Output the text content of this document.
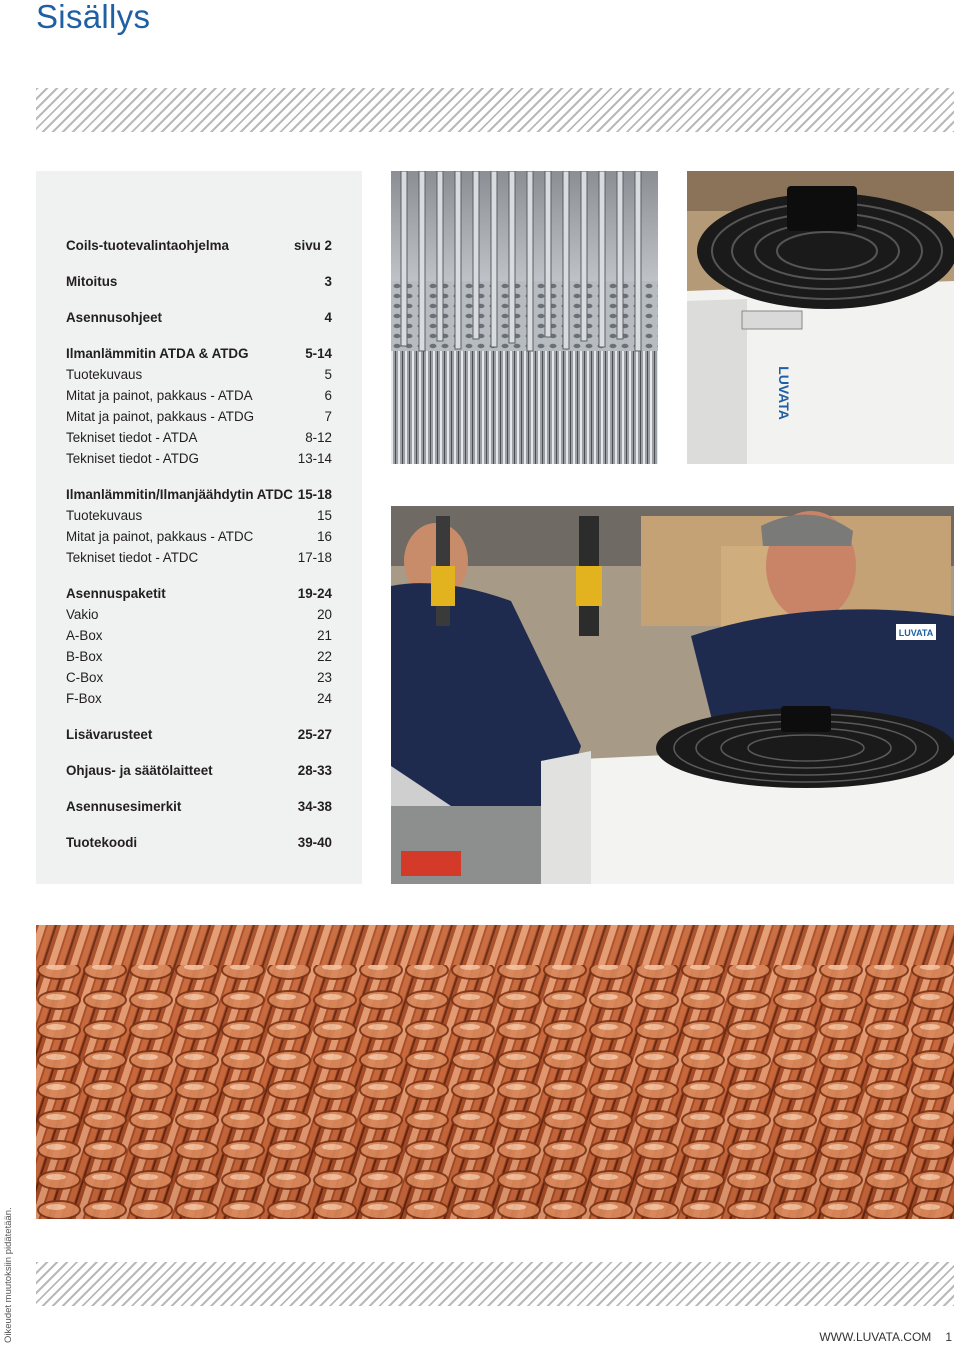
Sisällys
Coils-tuotevalintaohjelma	sivu 2
Mitoitus	3
Asennusohjeet	4
Ilmanlämmitin ATDA & ATDG	5-14
Tuotekuvaus	5
Mitat ja painot, pakkaus - ATDA	6
Mitat ja painot, pakkaus - ATDG	7
Tekniset tiedot - ATDA	8-12
Tekniset tiedot - ATDG	13-14
Ilmanlämmitin/Ilmanjäähdytin ATDC 15-18
Tuotekuvaus	15
Mitat ja painot, pakkaus - ATDC	16
Tekniset tiedot - ATDC	17-18
Asennuspaketit	19-24
Vakio	20
A-Box	21
B-Box	22
C-Box	23
F-Box	24
Lisävarusteet	25-27
Ohjaus- ja säätölaitteet	28-33
Asennusesimerkit	34-38
Tuotekoodi	39-40
LUVATA
LUVATA
Oikeudet muutoksiin pidätetään.	WWW.LUVATA.COM 1
